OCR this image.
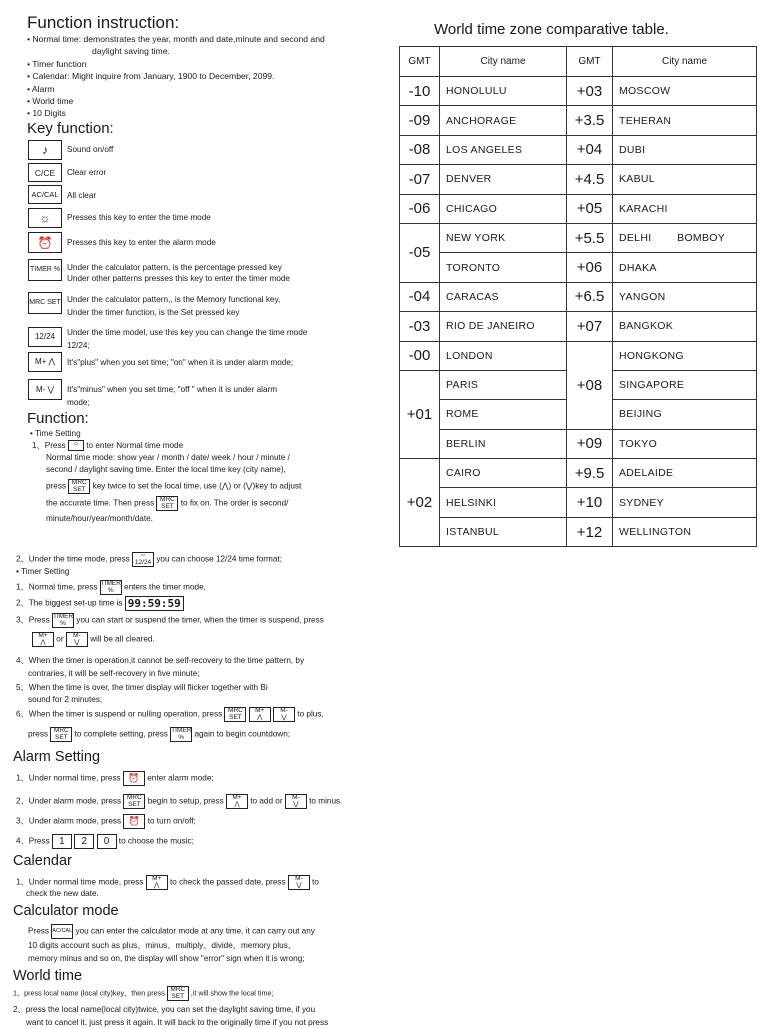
Function instruction:
• Normal time: demonstrates the year, month and date,minute and second and
daylight saving time.
• Timer function
• Calendar: Might inquire from January, 1900 to December, 2099.
• Alarm
• World time
• 10 Digits
Key function:
♪	Sound on/off
C/CE	Clear error
AC/CAL	All clear
☼	Presses this key to enter the time mode
⏰	Presses this key to enter the alarm mode
TIMER % Under the calculator pattern, is the percentage pressed key
Under other patterns presses this key to enter the timer mode
MRC SET Under the calculator pattern,, is the Memory functional key,
Under the timer function, is the Set pressed key
12/24	Under the time model, use this key you can change the time mode
12/24;
M+ ⋀	It's"plus" when you set time; "on" when it is under alarm mode;
M- ⋁	It's"minus" when you set time; "off " when it is under alarm
mode;
Function:
• Time Setting
1、Press ☼ to enter Normal time mode
Normal time mode: show year / month / date/ week / hour / minute /
second / daylight saving time. Enter the local time key (city name),
press MRC
SET key twice to set the local time, use (⋀) or (⋁)key to adjust
the accurate time. Then press MRC
SET to fix on. The order is second/
minute/hour/year/month/date.
World time zone comparative table.
GMT	City name	GMT	City name
-10	HONOLULU	+03	MOSCOW
-09	ANCHORAGE	+3.5	TEHERAN
-08	LOS ANGELES	+04	DUBI
-07	DENVER	+4.5	KABUL
-06	CHICAGO	+05	KARACHI
-05	NEW YORK	+5.5	DELHI        BOMBOY
	TORONTO	+06	DHAKA
-04	CARACAS	+6.5	YANGON
-03	RIO DE JANEIRO	+07	BANGKOK
-00	LONDON	+08	HONGKONG
+01	PARIS		SINGAPORE
	ROME		BEIJING
	BERLIN	+09	TOKYO
+02	CAIRO	+9.5	ADELAIDE
	HELSINKI	+10	SYDNEY
	ISTANBUL	+12	WELLINGTON
2、Under the time mode, press ＝
12/24 you can choose 12/24 time format;
• Timer Setting
1、Normal time, press TIMER
% enters the timer mode,
2、The biggest set-up time is 99:59:59
3、Press TIMER
% you can start or suspend the timer, when the timer is suspend, press
M+
⋀ or M-
⋁ will be all cleared.
4、When the timer is operation,it cannot be self-recovery to the time pattern, by
contraries, it will be self-recovery in five minute;
5、When the time is over, the timer display will flicker together with Bi
sound for 2 minutes;
6、When the timer is suspend or nulling operation, press MRC
SET M+
⋀ M-
⋁ to plus,
press MRC
SET to complete setting, press TIMER
% again to begin countdown;
Alarm Setting
1、Under normal time, press ⏰ enter alarm mode;
2、Under alarm mode, press MRC
SET begin to setup, press M+
⋀ to add or M-
⋁ to minus.
3、Under alarm mode, press ⏰ to turn on/off;
4、Press 1 2 0 to choose the music;
Calendar
1、Under normal time mode, press M+
⋀ to check the passed date, press M-
⋁ to
check the new date.
Calculator mode
Press AC/CAL you can enter the calculator mode at any time, it can carry out any
10 digits account such as plus、minus、multiply、divide、memory plus、
memory minus and so on, the display will show "error" sign when it is wrong;
World time
1、press local name (local city)key，then press MRC
SET ,it will show the local time;
2、press the local name(local city)twice, you can set the daylight saving time, if you
want to cancel it, just press it again. It will back to the originally time if you not press
